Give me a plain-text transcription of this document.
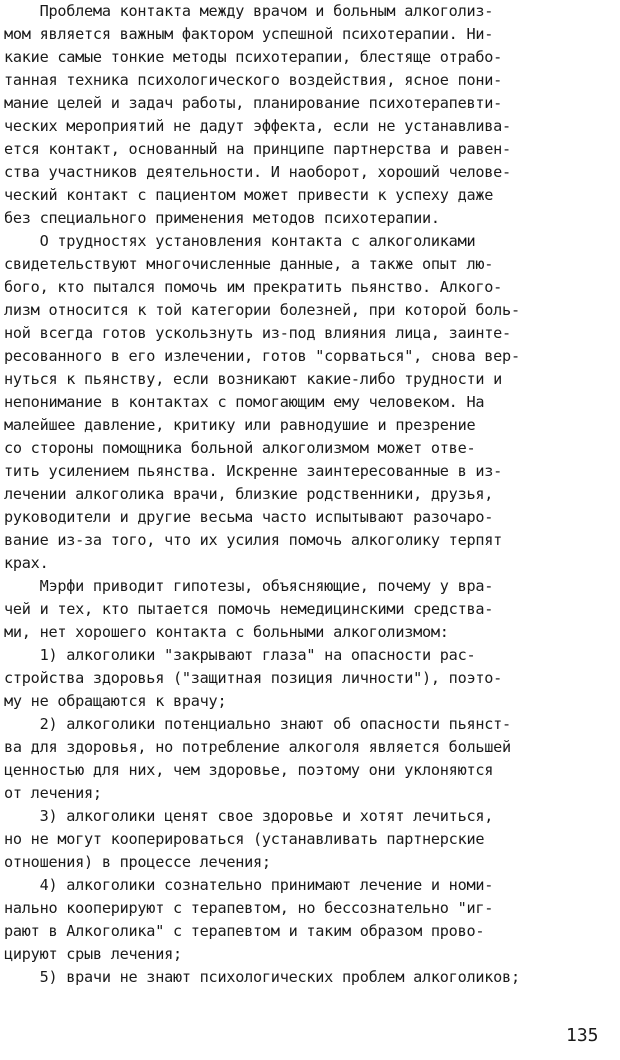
Проблема контакта между врачом и больным алкоголиз-
мом является важным фактором успешной психотерапии. Ни-
какие самые тонкие методы психотерапии, блестяще отрабо-
танная техника психологического воздействия, ясное пони-
мание целей и задач работы, планирование психотерапевти-
ческих мероприятий не дадут эффекта, если не устанавлива-
ется контакт, основанный на принципе партнерства и равен-
ства участников деятельности. И наоборот, хороший челове-
ческий контакт с пациентом может привести к успеху даже
без специального применения методов психотерапии.
О трудностях установления контакта с алкоголиками
свидетельствуют многочисленные данные, а также опыт лю-
бого, кто пытался помочь им прекратить пьянство. Алкого-
лизм относится к той категории болезней, при которой боль-
ной всегда готов ускользнуть из-под влияния лица, заинте-
ресованного в его излечении, готов "сорваться", снова вер-
нуться к пьянству, если возникают какие-либо трудности и
непонимание в контактах с помогающим ему человеком. На
малейшее давление, критику или равнодушие и презрение
со стороны помощника больной алкоголизмом может отве-
тить усилением пьянства. Искренне заинтересованные в из-
лечении алкоголика врачи, близкие родственники, друзья,
руководители и другие весьма часто испытывают разочаро-
вание из-за того, что их усилия помочь алкоголику терпят
крах.
Мэрфи приводит гипотезы, объясняющие, почему у вра-
чей и тех, кто пытается помочь немедицинскими средства-
ми, нет хорошего контакта с больными алкоголизмом:
1) алкоголики "закрывают глаза" на опасности рас-
стройства здоровья ("защитная позиция личности"), поэто-
му не обращаются к врачу;
2) алкоголики потенциально знают об опасности пьянст-
ва для здоровья, но потребление алкоголя является большей
ценностью для них, чем здоровье, поэтому они уклоняются
от лечения;
3) алкоголики ценят свое здоровье и хотят лечиться,
но не могут кооперироваться (устанавливать партнерские
отношения) в процессе лечения;
4) алкоголики сознательно принимают лечение и номи-
нально кооперируют с терапевтом, но бессознательно "иг-
рают в Алкоголика" с терапевтом и таким образом прово-
цируют срыв лечения;
5) врачи не знают психологических проблем алкоголиков;
135
